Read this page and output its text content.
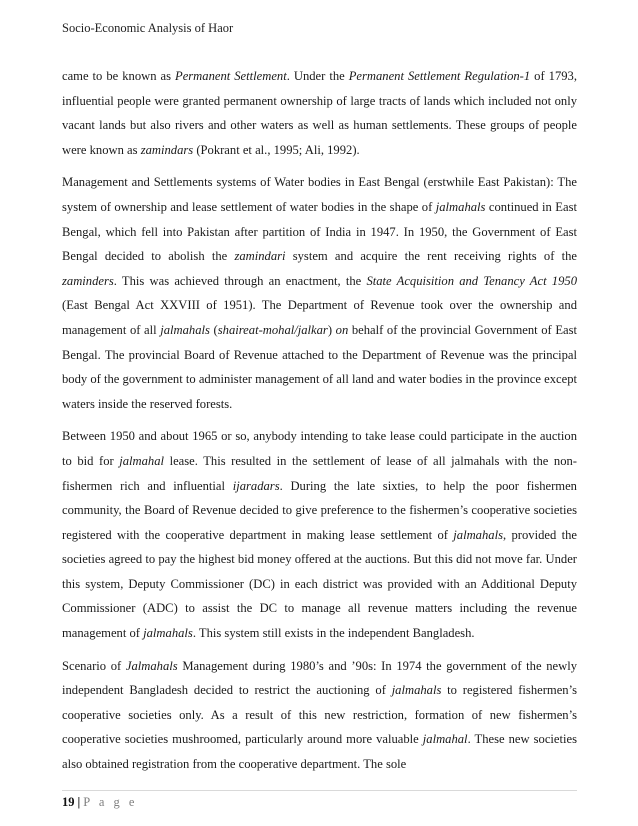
Socio-Economic Analysis of Haor

came to be known as Permanent Settlement. Under the Permanent Settlement Regulation-1 of 1793, influential people were granted permanent ownership of large tracts of lands which included not only vacant lands but also rivers and other waters as well as human settlements. These groups of people were known as zamindars (Pokrant et al., 1995; Ali, 1992).

Management and Settlements systems of Water bodies in East Bengal (erstwhile East Pakistan): The system of ownership and lease settlement of water bodies in the shape of jalmahals continued in East Bengal, which fell into Pakistan after partition of India in 1947. In 1950, the Government of East Bengal decided to abolish the zamindari system and acquire the rent receiving rights of the zaminders. This was achieved through an enactment, the State Acquisition and Tenancy Act 1950 (East Bengal Act XXVIII of 1951). The Department of Revenue took over the ownership and management of all jalmahals (shaireat-mohal/jalkar) on behalf of the provincial Government of East Bengal. The provincial Board of Revenue attached to the Department of Revenue was the principal body of the government to administer management of all land and water bodies in the province except waters inside the reserved forests.

Between 1950 and about 1965 or so, anybody intending to take lease could participate in the auction to bid for jalmahal lease. This resulted in the settlement of lease of all jalmahals with the non-fishermen rich and influential ijaradars. During the late sixties, to help the poor fishermen community, the Board of Revenue decided to give preference to the fishermen’s cooperative societies registered with the cooperative department in making lease settlement of jalmahals, provided the societies agreed to pay the highest bid money offered at the auctions. But this did not move far. Under this system, Deputy Commissioner (DC) in each district was provided with an Additional Deputy Commissioner (ADC) to assist the DC to manage all revenue matters including the revenue management of jalmahals. This system still exists in the independent Bangladesh.

Scenario of Jalmahals Management during 1980’s and ’90s: In 1974 the government of the newly independent Bangladesh decided to restrict the auctioning of jalmahals to registered fishermen’s cooperative societies only. As a result of this new restriction, formation of new fishermen’s cooperative societies mushroomed, particularly around more valuable jalmahal. These new societies also obtained registration from the cooperative department. The sole

19 | P a g e
